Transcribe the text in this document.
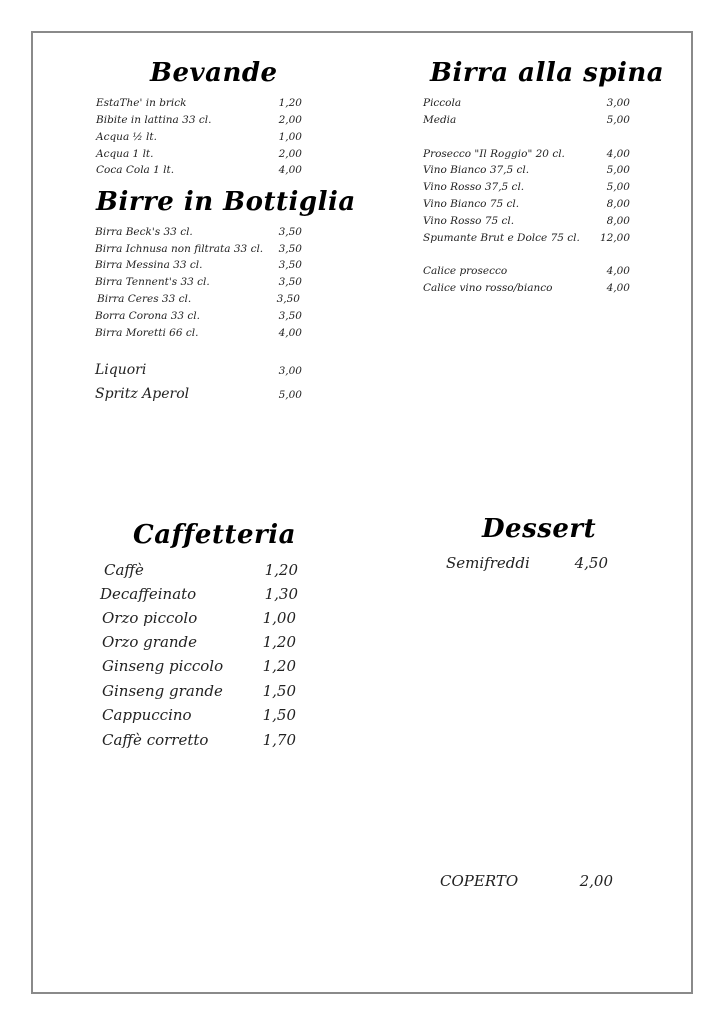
Bevande
EstaThe' in brick	1,20
Bibite in lattina 33 cl.	2,00
Acqua ½ lt.	1,00
Acqua 1 lt.	2,00
Coca Cola 1 lt.	4,00
Birre in Bottiglia
Birra Beck's 33 cl.	3,50
Birra Ichnusa non filtrata 33 cl.	3,50
Birra Messina 33 cl.	3,50
Birra Tennent's 33 cl.	3,50
Birra Ceres 33 cl.	3,50
Borra Corona 33 cl.	3,50
Birra Moretti 66 cl.	4,00
Liquori	3,00
Spritz Aperol	5,00
Birra alla spina
Piccola	3,00
Media	5,00
Prosecco "Il Roggio" 20 cl.	4,00
Vino Bianco 37,5 cl.	5,00
Vino Rosso 37,5 cl.	5,00
Vino Bianco 75 cl.	8,00
Vino Rosso 75 cl.	8,00
Spumante Brut e Dolce 75 cl.	12,00
Calice prosecco	4,00
Calice vino rosso/bianco	4,00
Caffetteria
Caffè	1,20
Decaffeinato	1,30
Orzo piccolo	1,00
Orzo grande	1,20
Ginseng piccolo	1,20
Ginseng grande	1,50
Cappuccino	1,50
Caffè corretto	1,70
Dessert
Semifreddi	4,50
COPERTO	2,00
